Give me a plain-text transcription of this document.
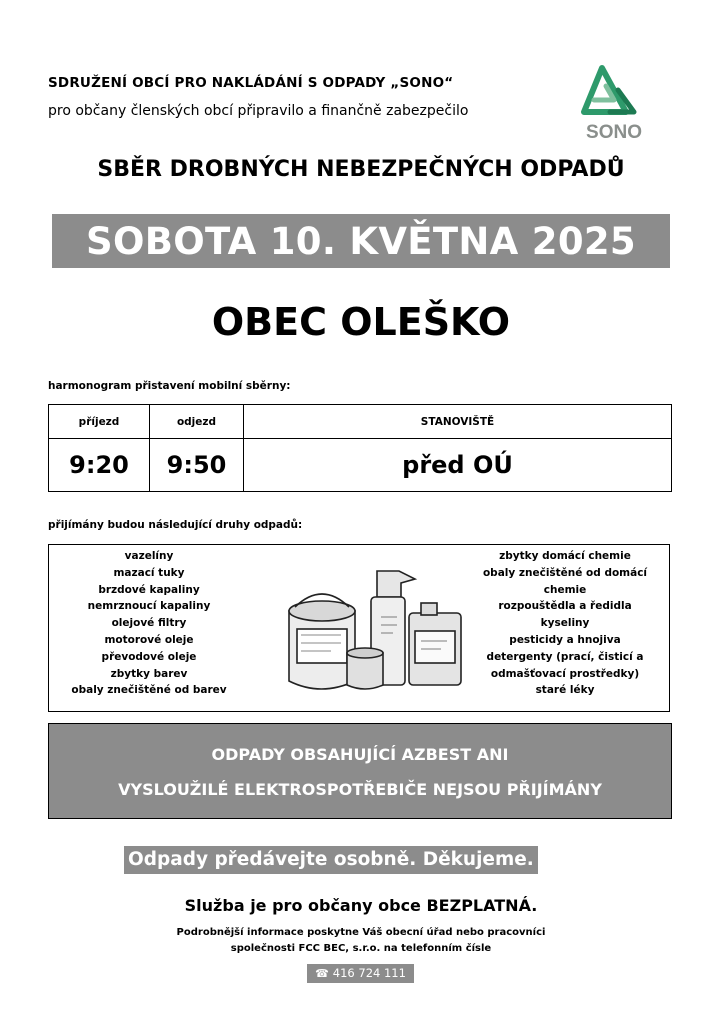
SDRUŽENÍ OBCÍ PRO NAKLÁDÁNÍ S ODPADY „SONO“
pro občany členských obcí připravilo a finančně zabezpečilo
SONO
SBĚR DROBNÝCH NEBEZPEČNÝCH ODPADŮ
SOBOTA 10. KVĚTNA 2025
OBEC OLEŠKO
harmonogram přistavení mobilní sběrny:
příjezd	odjezd	STANOVIŠTĚ
9:20	9:50	před OÚ
přijímány budou následující druhy odpadů:
vazelíny
mazací tuky
brzdové kapaliny
nemrznoucí kapaliny
olejové filtry
motorové oleje
převodové oleje
zbytky barev
obaly znečištěné od barev
zbytky domácí chemie
obaly znečištěné od domácí chemie
rozpouštědla a ředidla
kyseliny
pesticidy a hnojiva
detergenty (prací, čisticí a odmašťovací prostředky)
staré léky
ODPADY OBSAHUJÍCÍ AZBEST ANI
VYSLOUŽILÉ ELEKTROSPOTŘEBIČE NEJSOU PŘIJÍMÁNY
Odpady předávejte osobně. Děkujeme.
Služba je pro občany obce BEZPLATNÁ.
Podrobnější informace poskytne Váš obecní úřad nebo pracovníci
společnosti FCC BEC, s.r.o. na telefonním čísle
☎ 416 724 111
